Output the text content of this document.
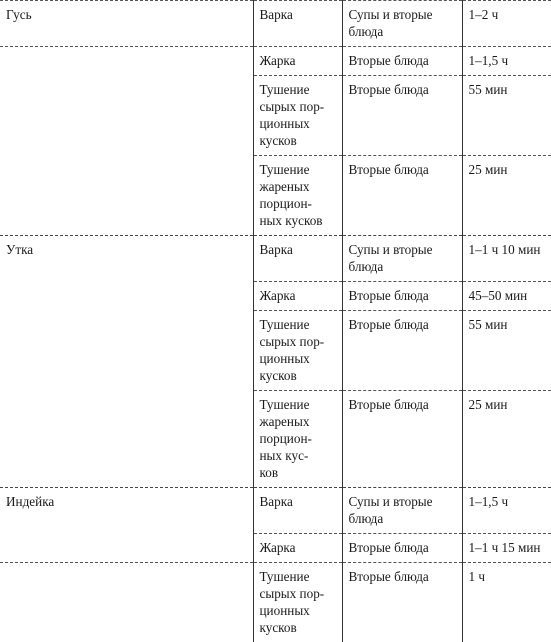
Гусь	Варка	Супы и вторые
блюда	1–2 ч

	Жарка	Вторые блюда	1–1,5 ч

	Тушение
сырых пор-
ционных
кусков	Вторые блюда	55 мин

	Тушение
жареных
порцион-
ных кусков	Вторые блюда	25 мин

Утка	Варка	Супы и вторые
блюда	1–1 ч 10 мин

	Жарка	Вторые блюда	45–50 мин

	Тушение
сырых пор-
ционных
кусков	Вторые блюда	55 мин

	Тушение
жареных
порцион-
ных кус-
ков	Вторые блюда	25 мин

Индейка	Варка	Супы и вторые
блюда	1–1,5 ч

	Жарка	Вторые блюда	1–1 ч 15 мин

	Тушение
сырых пор-
ционных
кусков	Вторые блюда	1 ч
